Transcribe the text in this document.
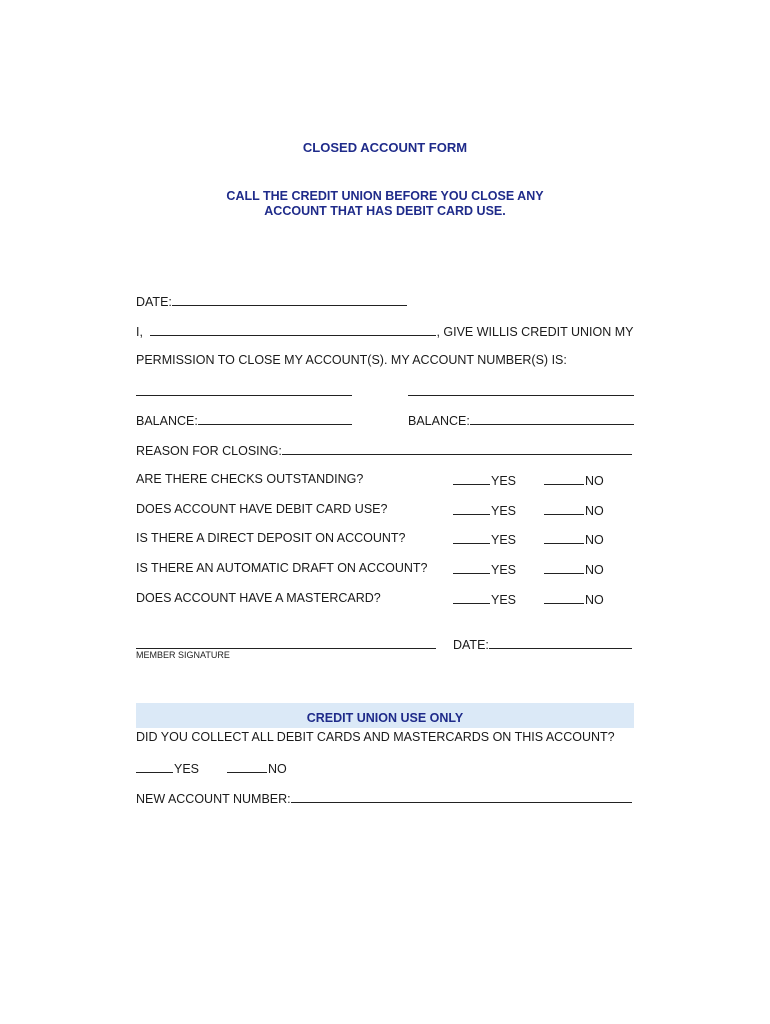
CLOSED ACCOUNT FORM
CALL THE CREDIT UNION BEFORE YOU CLOSE ANY
ACCOUNT THAT HAS DEBIT CARD USE.
DATE:
I,	, GIVE WILLIS CREDIT UNION MY
PERMISSION TO CLOSE MY ACCOUNT(S). MY ACCOUNT NUMBER(S) IS:
BALANCE:	BALANCE:
REASON FOR CLOSING:
ARE THERE CHECKS OUTSTANDING?	YES	NO
DOES ACCOUNT HAVE DEBIT CARD USE?	YES	NO
IS THERE A DIRECT DEPOSIT ON ACCOUNT?	YES	NO
IS THERE AN AUTOMATIC DRAFT ON ACCOUNT?	YES	NO
DOES ACCOUNT HAVE A MASTERCARD?	YES	NO
MEMBER SIGNATURE
DATE:
CREDIT UNION USE ONLY
DID YOU COLLECT ALL DEBIT CARDS AND MASTERCARDS ON THIS ACCOUNT?
YES	NO
NEW ACCOUNT NUMBER:
